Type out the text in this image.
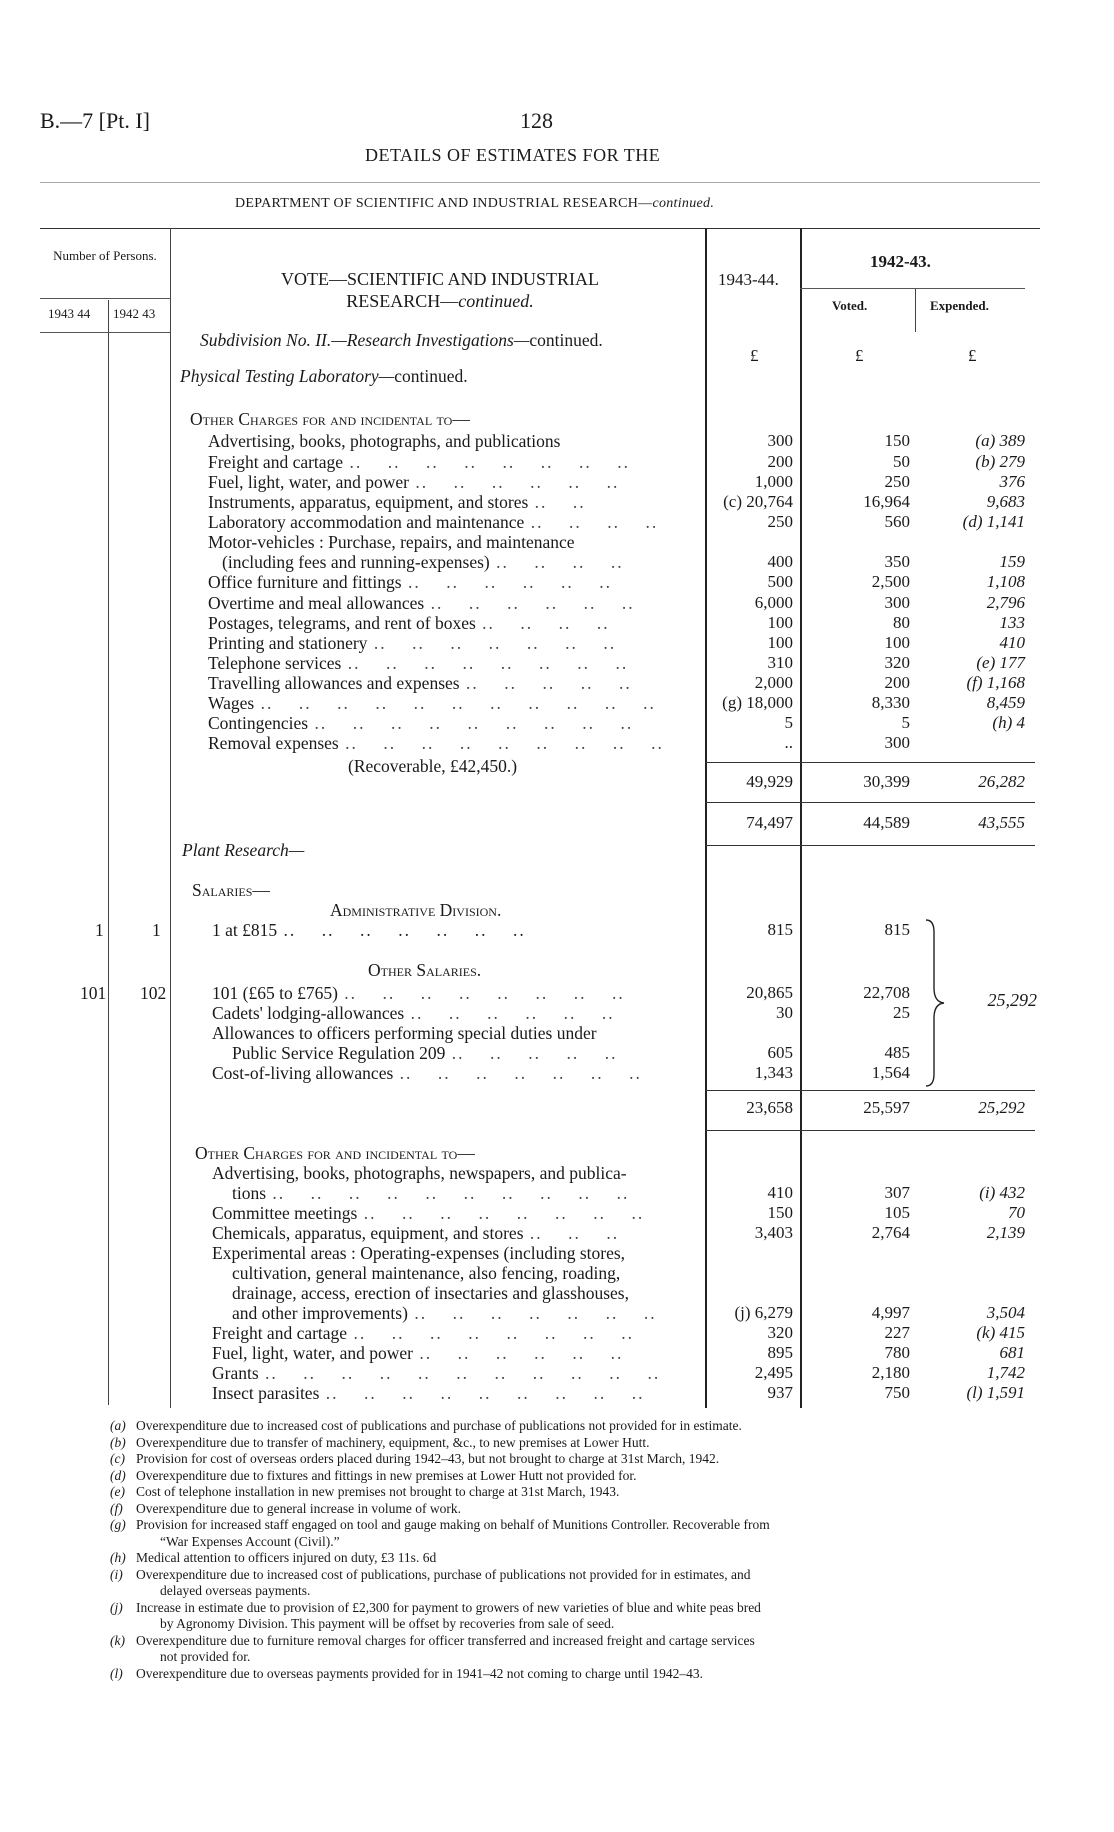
B.—7 [Pt. I]	128
DETAILS OF ESTIMATES FOR THE
DEPARTMENT OF SCIENTIFIC AND INDUSTRIAL RESEARCH—continued.
Number of Persons.
1943 44 1942 43
VOTE—SCIENTIFIC AND INDUSTRIAL
RESEARCH—continued.
1943-44.
1942-43.
Voted.	Expended.
£	£	£
Subdivision No. II.—Research Investigations—continued.
Physical Testing Laboratory—continued.
Other Charges for and incidental to—
Advertising, books, photographs, and publications	300	150	(a) 389
Freight and cartage ..    ..    ..    ..    ..    ..    ..    ..	200	50	(b) 279
Fuel, light, water, and power ..    ..    ..    ..    ..    ..	1,000	250	376
Instruments, apparatus, equipment, and stores ..    ..	(c) 20,764	16,964	9,683
Laboratory accommodation and maintenance ..    ..    ..    ..	250	560	(d) 1,141
Motor-vehicles : Purchase, repairs, and maintenance
(including fees and running-expenses) ..    ..    ..    ..	400	350	159
Office furniture and fittings ..    ..    ..    ..    ..    ..	500	2,500	1,108
Overtime and meal allowances ..    ..    ..    ..    ..    ..	6,000	300	2,796
Postages, telegrams, and rent of boxes ..    ..    ..    ..	100	80	133
Printing and stationery ..    ..    ..    ..    ..    ..    ..	100	100	410
Telephone services ..    ..    ..    ..    ..    ..    ..    ..	310	320	(e) 177
Travelling allowances and expenses ..    ..    ..    ..    ..	2,000	200	(f) 1,168
Wages ..    ..    ..    ..    ..    ..    ..    ..    ..    ..    ..	(g) 18,000	8,330	8,459
Contingencies ..    ..    ..    ..    ..    ..    ..    ..    ..	5	5	(h) 4
Removal expenses ..    ..    ..    ..    ..    ..    ..    ..    ..	..	300
(Recoverable, £42,450.)
49,929	30,399	26,282
74,497	44,589	43,555
Plant Research—
Salaries—
Administrative Division.
1	1	1 at £815 ..    ..    ..    ..    ..    ..    ..	815	815
Other Salaries.
101 102	101 (£65 to £765) ..    ..    ..    ..    ..    ..    ..    ..	20,865	22,708
Cadets' lodging-allowances ..    ..    ..    ..    ..    ..	30	25
Allowances to officers performing special duties under
Public Service Regulation 209 ..    ..    ..    ..    ..	605	485
Cost-of-living allowances ..    ..    ..    ..    ..    ..    ..	1,343	1,564
25,292
23,658	25,597	25,292
Other Charges for and incidental to—
Advertising, books, photographs, newspapers, and publica-
tions ..    ..    ..    ..    ..    ..    ..    ..    ..    ..	410	307	(i) 432
Committee meetings ..    ..    ..    ..    ..    ..    ..    ..	150	105	70
Chemicals, apparatus, equipment, and stores ..    ..    ..	3,403	2,764	2,139
Experimental areas : Operating-expenses (including stores,
cultivation, general maintenance, also fencing, roading,
drainage, access, erection of insectaries and glasshouses,
and other improvements) ..    ..    ..    ..    ..    ..    ..	(j) 6,279	4,997	3,504
Freight and cartage ..    ..    ..    ..    ..    ..    ..    ..	320	227	(k) 415
Fuel, light, water, and power ..    ..    ..    ..    ..    ..	895	780	681
Grants ..    ..    ..    ..    ..    ..    ..    ..    ..    ..    ..	2,495	2,180	1,742
Insect parasites ..    ..    ..    ..    ..    ..    ..    ..    ..	937	750	(l) 1,591
(a) Overexpenditure due to increased cost of publications and purchase of publications not provided for in estimate.
(b) Overexpenditure due to transfer of machinery, equipment, &c., to new premises at Lower Hutt.
(c) Provision for cost of overseas orders placed during 1942–43, but not brought to charge at 31st March, 1942.
(d) Overexpenditure due to fixtures and fittings in new premises at Lower Hutt not provided for.
(e) Cost of telephone installation in new premises not brought to charge at 31st March, 1943.
(f) Overexpenditure due to general increase in volume of work.
(g) Provision for increased staff engaged on tool and gauge making on behalf of Munitions Controller. Recoverable from
“War Expenses Account (Civil).”
(h) Medical attention to officers injured on duty, £3 11s. 6d
(i) Overexpenditure due to increased cost of publications, purchase of publications not provided for in estimates, and
delayed overseas payments.
(j) Increase in estimate due to provision of £2,300 for payment to growers of new varieties of blue and white peas bred
by Agronomy Division. This payment will be offset by recoveries from sale of seed.
(k) Overexpenditure due to furniture removal charges for officer transferred and increased freight and cartage services
not provided for.
(l) Overexpenditure due to overseas payments provided for in 1941–42 not coming to charge until 1942–43.
